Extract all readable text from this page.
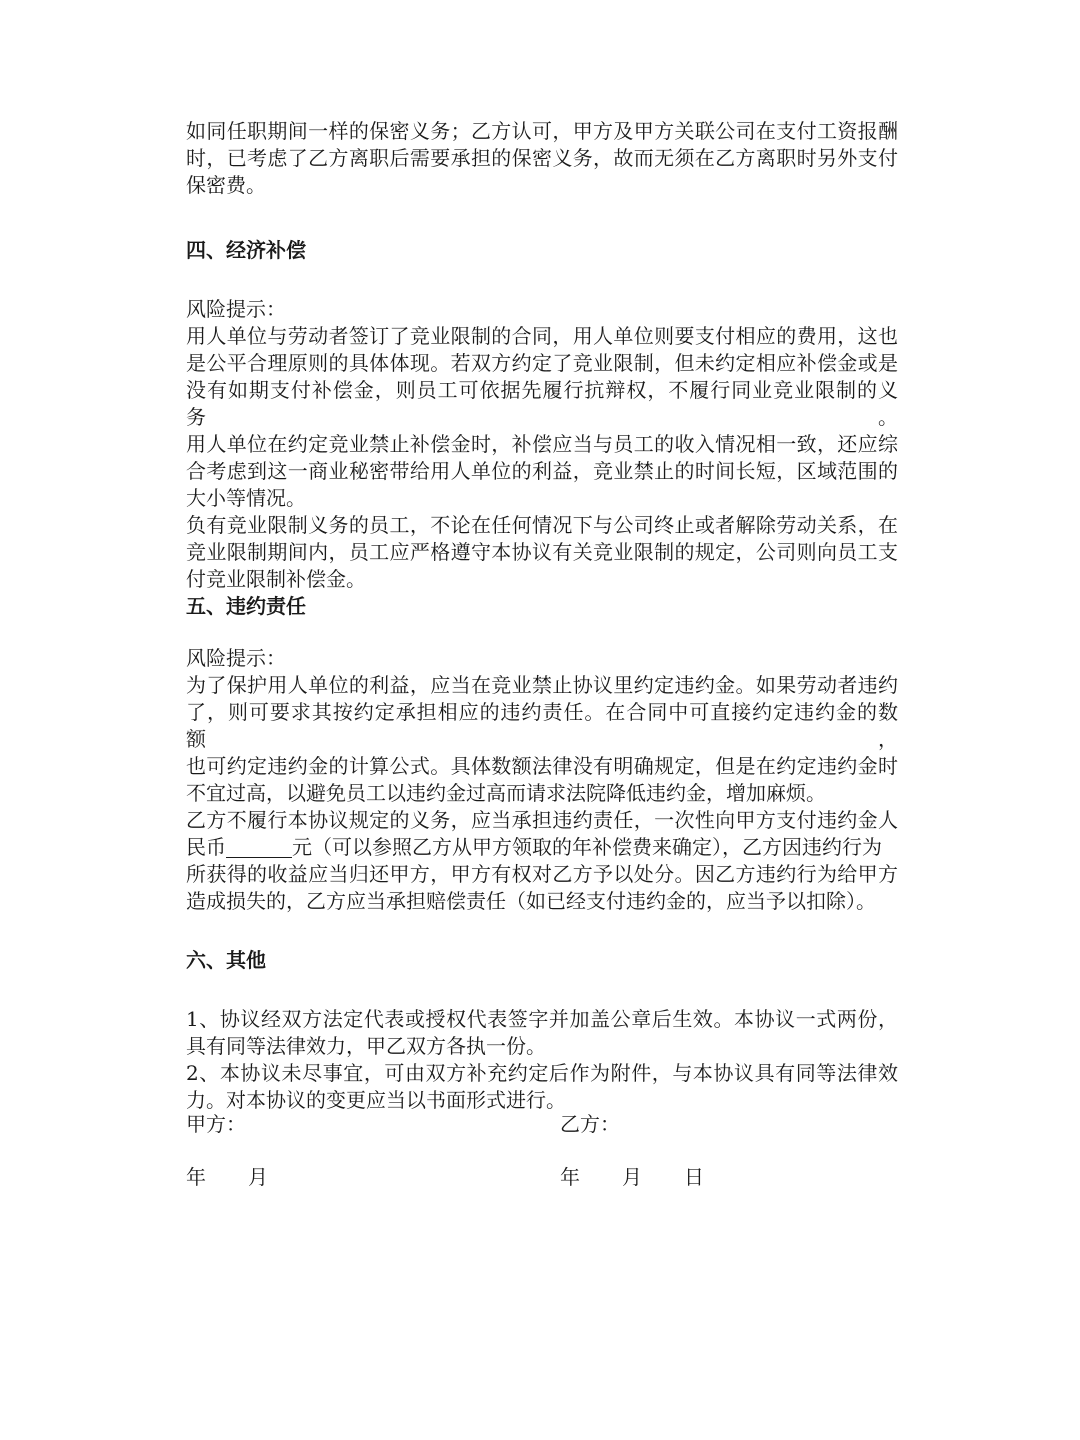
如同任职期间一样的保密义务；乙方认可，甲方及甲方关联公司在支付工资报酬
时，已考虑了乙方离职后需要承担的保密义务，故而无须在乙方离职时另外支付
保密费。
四、经济补偿
风险提示：
用人单位与劳动者签订了竞业限制的合同，用人单位则要支付相应的费用，这也
是公平合理原则的具体体现。若双方约定了竞业限制，但未约定相应补偿金或是
没有如期支付补偿金，则员工可依据先履行抗辩权，不履行同业竞业限制的义务。
用人单位在约定竞业禁止补偿金时，补偿应当与员工的收入情况相一致，还应综
合考虑到这一商业秘密带给用人单位的利益，竞业禁止的时间长短，区域范围的
大小等情况。
负有竞业限制义务的员工，不论在任何情况下与公司终止或者解除劳动关系，在
竞业限制期间内，员工应严格遵守本协议有关竞业限制的规定，公司则向员工支
付竞业限制补偿金。
五、违约责任
风险提示：
为了保护用人单位的利益，应当在竞业禁止协议里约定违约金。如果劳动者违约
了，则可要求其按约定承担相应的违约责任。在合同中可直接约定违约金的数额，
也可约定违约金的计算公式。具体数额法律没有明确规定，但是在约定违约金时
不宜过高，以避免员工以违约金过高而请求法院降低违约金，增加麻烦。
乙方不履行本协议规定的义务，应当承担违约责任，一次性向甲方支付违约金人
民币	元（可以参照乙方从甲方领取的年补偿费来确定），乙方因违约行为
所获得的收益应当归还甲方，甲方有权对乙方予以处分。因乙方违约行为给甲方
造成损失的，乙方应当承担赔偿责任（如已经支付违约金的，应当予以扣除）。
六、其他
1、协议经双方法定代表或授权代表签字并加盖公章后生效。本协议一式两份，
具有同等法律效力，甲乙双方各执一份。
2、本协议未尽事宜，可由双方补充约定后作为附件，与本协议具有同等法律效
力。对本协议的变更应当以书面形式进行。
甲方：	乙方：
年 月	年 月 日
